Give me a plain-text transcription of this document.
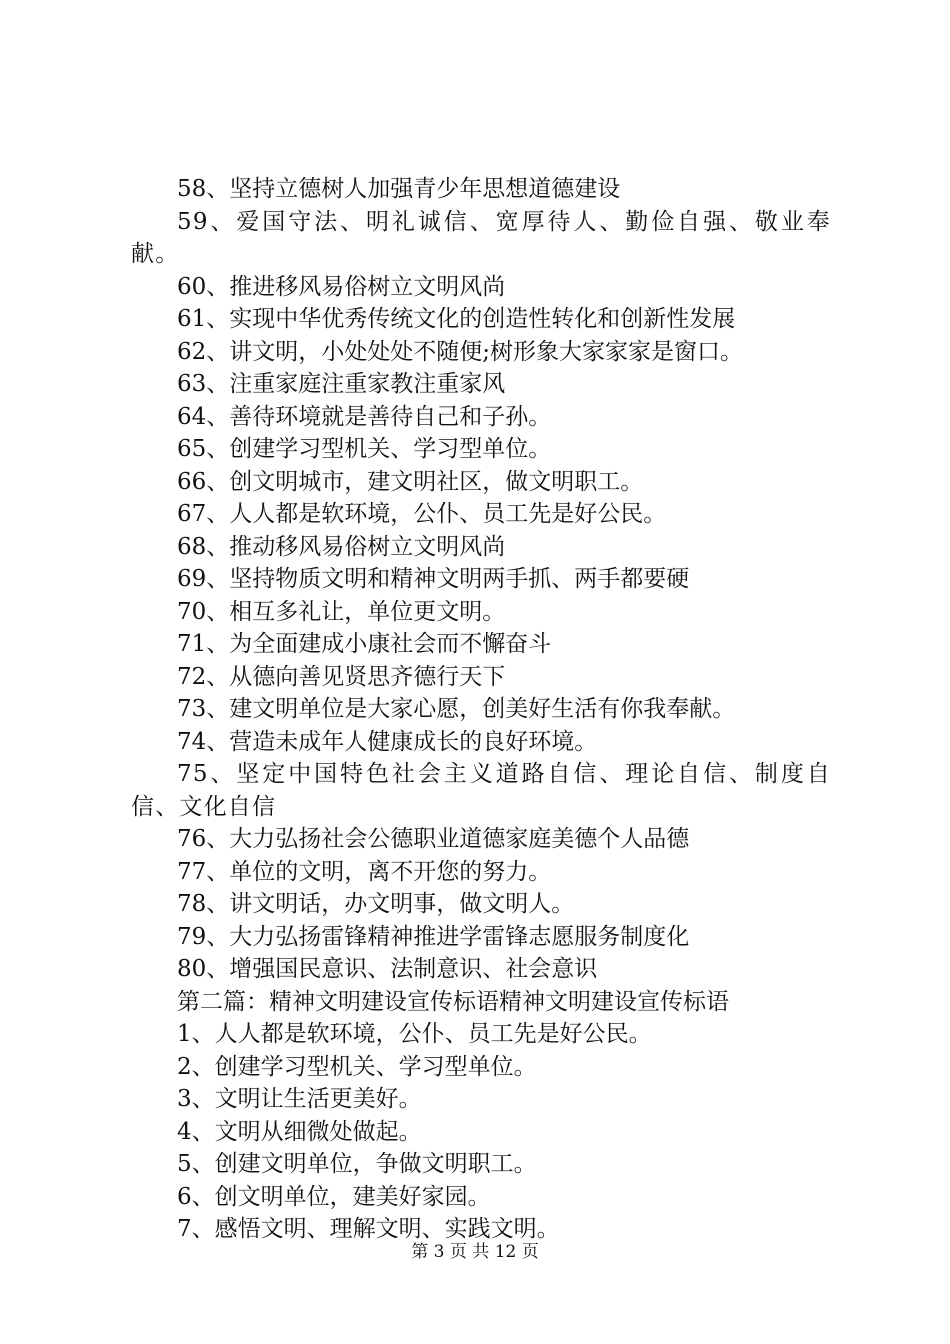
58、坚持立德树人加强青少年思想道德建设
59、爱国守法、明礼诚信、宽厚待人、勤俭自强、敬业奉献。
60、推进移风易俗树立文明风尚
61、实现中华优秀传统文化的创造性转化和创新性发展
62、讲文明，小处处处不随便;树形象大家家家是窗口。
63、注重家庭注重家教注重家风
64、善待环境就是善待自己和子孙。
65、创建学习型机关、学习型单位。
66、创文明城市，建文明社区，做文明职工。
67、人人都是软环境，公仆、员工先是好公民。
68、推动移风易俗树立文明风尚
69、坚持物质文明和精神文明两手抓、两手都要硬
70、相互多礼让，单位更文明。
71、为全面建成小康社会而不懈奋斗
72、从德向善见贤思齐德行天下
73、建文明单位是大家心愿，创美好生活有你我奉献。
74、营造未成年人健康成长的良好环境。
75、坚定中国特色社会主义道路自信、理论自信、制度自信、文化自信
76、大力弘扬社会公德职业道德家庭美德个人品德
77、单位的文明，离不开您的努力。
78、讲文明话，办文明事，做文明人。
79、大力弘扬雷锋精神推进学雷锋志愿服务制度化
80、增强国民意识、法制意识、社会意识
第二篇：精神文明建设宣传标语精神文明建设宣传标语
1、人人都是软环境，公仆、员工先是好公民。
2、创建学习型机关、学习型单位。
3、文明让生活更美好。
4、文明从细微处做起。
5、创建文明单位，争做文明职工。
6、创文明单位，建美好家园。
7、感悟文明、理解文明、实践文明。
第 3 页 共 12 页
